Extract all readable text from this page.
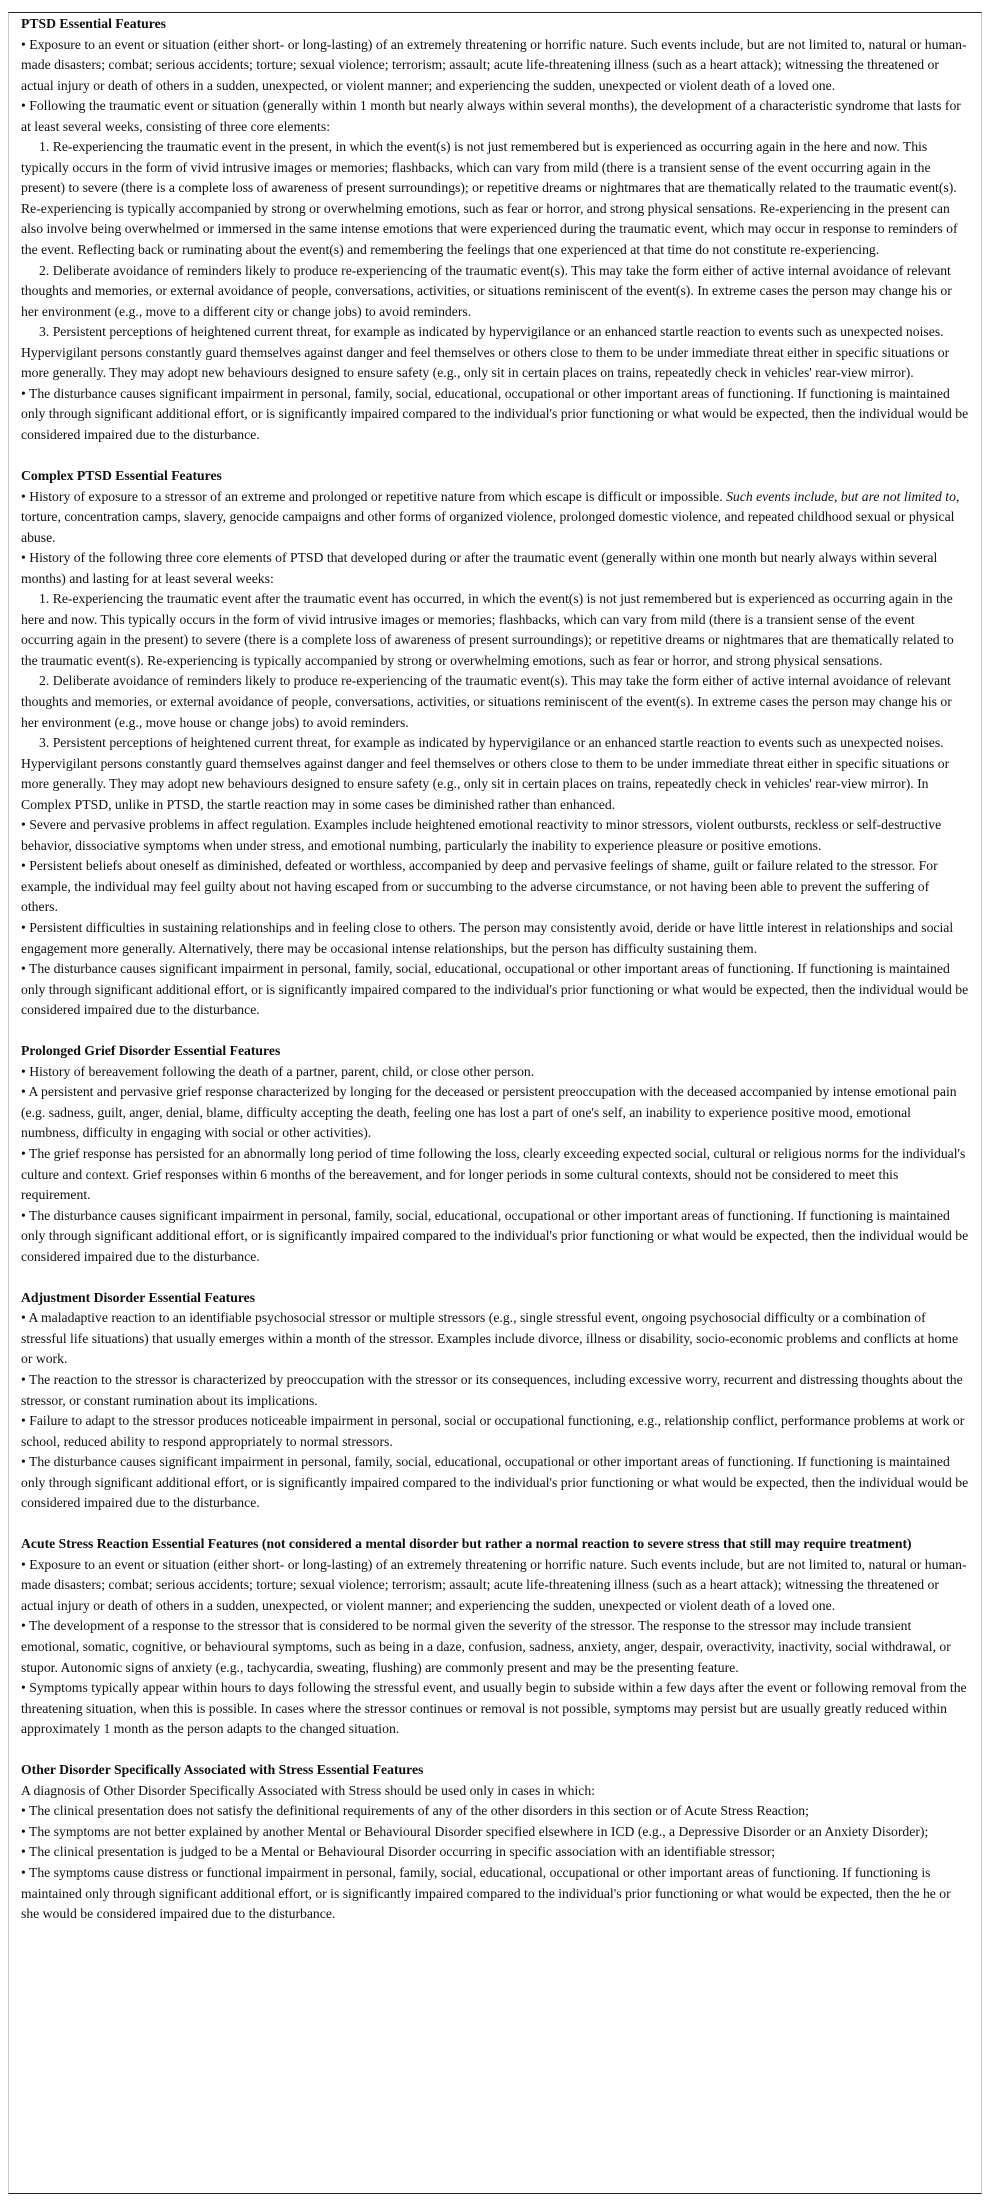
PTSD Essential Features

• Exposure to an event or situation (either short- or long-lasting) of an extremely threatening or horrific nature. Such events include, but are not limited to, natural or human-made disasters; combat; serious accidents; torture; sexual violence; terrorism; assault; acute life-threatening illness (such as a heart attack); witnessing the threatened or actual injury or death of others in a sudden, unexpected, or violent manner; and experiencing the sudden, unexpected or violent death of a loved one.

• Following the traumatic event or situation (generally within 1 month but nearly always within several months), the development of a characteristic syndrome that lasts for at least several weeks, consisting of three core elements:

1. Re-experiencing the traumatic event in the present, in which the event(s) is not just remembered but is experienced as occurring again in the here and now. This typically occurs in the form of vivid intrusive images or memories; flashbacks, which can vary from mild (there is a transient sense of the event occurring again in the present) to severe (there is a complete loss of awareness of present surroundings); or repetitive dreams or nightmares that are thematically related to the traumatic event(s). Re-experiencing is typically accompanied by strong or overwhelming emotions, such as fear or horror, and strong physical sensations. Re-experiencing in the present can also involve being overwhelmed or immersed in the same intense emotions that were experienced during the traumatic event, which may occur in response to reminders of the event. Reflecting back or ruminating about the event(s) and remembering the feelings that one experienced at that time do not constitute re-experiencing.

2. Deliberate avoidance of reminders likely to produce re-experiencing of the traumatic event(s). This may take the form either of active internal avoidance of relevant thoughts and memories, or external avoidance of people, conversations, activities, or situations reminiscent of the event(s). In extreme cases the person may change his or her environment (e.g., move to a different city or change jobs) to avoid reminders.

3. Persistent perceptions of heightened current threat, for example as indicated by hypervigilance or an enhanced startle reaction to events such as unexpected noises. Hypervigilant persons constantly guard themselves against danger and feel themselves or others close to them to be under immediate threat either in specific situations or more generally. They may adopt new behaviours designed to ensure safety (e.g., only sit in certain places on trains, repeatedly check in vehicles' rear-view mirror).

• The disturbance causes significant impairment in personal, family, social, educational, occupational or other important areas of functioning. If functioning is maintained only through significant additional effort, or is significantly impaired compared to the individual's prior functioning or what would be expected, then the individual would be considered impaired due to the disturbance.

Complex PTSD Essential Features

• History of exposure to a stressor of an extreme and prolonged or repetitive nature from which escape is difficult or impossible. Such events include, but are not limited to, torture, concentration camps, slavery, genocide campaigns and other forms of organized violence, prolonged domestic violence, and repeated childhood sexual or physical abuse.

• History of the following three core elements of PTSD that developed during or after the traumatic event (generally within one month but nearly always within several months) and lasting for at least several weeks:

1. Re-experiencing the traumatic event after the traumatic event has occurred, in which the event(s) is not just remembered but is experienced as occurring again in the here and now. This typically occurs in the form of vivid intrusive images or memories; flashbacks, which can vary from mild (there is a transient sense of the event occurring again in the present) to severe (there is a complete loss of awareness of present surroundings); or repetitive dreams or nightmares that are thematically related to the traumatic event(s). Re-experiencing is typically accompanied by strong or overwhelming emotions, such as fear or horror, and strong physical sensations.

2. Deliberate avoidance of reminders likely to produce re-experiencing of the traumatic event(s). This may take the form either of active internal avoidance of relevant thoughts and memories, or external avoidance of people, conversations, activities, or situations reminiscent of the event(s). In extreme cases the person may change his or her environment (e.g., move house or change jobs) to avoid reminders.

3. Persistent perceptions of heightened current threat, for example as indicated by hypervigilance or an enhanced startle reaction to events such as unexpected noises. Hypervigilant persons constantly guard themselves against danger and feel themselves or others close to them to be under immediate threat either in specific situations or more generally. They may adopt new behaviours designed to ensure safety (e.g., only sit in certain places on trains, repeatedly check in vehicles' rear-view mirror). In Complex PTSD, unlike in PTSD, the startle reaction may in some cases be diminished rather than enhanced.

• Severe and pervasive problems in affect regulation. Examples include heightened emotional reactivity to minor stressors, violent outbursts, reckless or self-destructive behavior, dissociative symptoms when under stress, and emotional numbing, particularly the inability to experience pleasure or positive emotions.

• Persistent beliefs about oneself as diminished, defeated or worthless, accompanied by deep and pervasive feelings of shame, guilt or failure related to the stressor. For example, the individual may feel guilty about not having escaped from or succumbing to the adverse circumstance, or not having been able to prevent the suffering of others.

• Persistent difficulties in sustaining relationships and in feeling close to others. The person may consistently avoid, deride or have little interest in relationships and social engagement more generally. Alternatively, there may be occasional intense relationships, but the person has difficulty sustaining them.

• The disturbance causes significant impairment in personal, family, social, educational, occupational or other important areas of functioning. If functioning is maintained only through significant additional effort, or is significantly impaired compared to the individual's prior functioning or what would be expected, then the individual would be considered impaired due to the disturbance.

Prolonged Grief Disorder Essential Features

• History of bereavement following the death of a partner, parent, child, or close other person.

• A persistent and pervasive grief response characterized by longing for the deceased or persistent preoccupation with the deceased accompanied by intense emotional pain (e.g. sadness, guilt, anger, denial, blame, difficulty accepting the death, feeling one has lost a part of one's self, an inability to experience positive mood, emotional numbness, difficulty in engaging with social or other activities).

• The grief response has persisted for an abnormally long period of time following the loss, clearly exceeding expected social, cultural or religious norms for the individual's culture and context. Grief responses within 6 months of the bereavement, and for longer periods in some cultural contexts, should not be considered to meet this requirement.

• The disturbance causes significant impairment in personal, family, social, educational, occupational or other important areas of functioning. If functioning is maintained only through significant additional effort, or is significantly impaired compared to the individual's prior functioning or what would be expected, then the individual would be considered impaired due to the disturbance.

Adjustment Disorder Essential Features

• A maladaptive reaction to an identifiable psychosocial stressor or multiple stressors (e.g., single stressful event, ongoing psychosocial difficulty or a combination of stressful life situations) that usually emerges within a month of the stressor. Examples include divorce, illness or disability, socio-economic problems and conflicts at home or work.

• The reaction to the stressor is characterized by preoccupation with the stressor or its consequences, including excessive worry, recurrent and distressing thoughts about the stressor, or constant rumination about its implications.

• Failure to adapt to the stressor produces noticeable impairment in personal, social or occupational functioning, e.g., relationship conflict, performance problems at work or school, reduced ability to respond appropriately to normal stressors.

• The disturbance causes significant impairment in personal, family, social, educational, occupational or other important areas of functioning. If functioning is maintained only through significant additional effort, or is significantly impaired compared to the individual's prior functioning or what would be expected, then the individual would be considered impaired due to the disturbance.

Acute Stress Reaction Essential Features (not considered a mental disorder but rather a normal reaction to severe stress that still may require treatment)

• Exposure to an event or situation (either short- or long-lasting) of an extremely threatening or horrific nature. Such events include, but are not limited to, natural or human-made disasters; combat; serious accidents; torture; sexual violence; terrorism; assault; acute life-threatening illness (such as a heart attack); witnessing the threatened or actual injury or death of others in a sudden, unexpected, or violent manner; and experiencing the sudden, unexpected or violent death of a loved one.

• The development of a response to the stressor that is considered to be normal given the severity of the stressor. The response to the stressor may include transient emotional, somatic, cognitive, or behavioural symptoms, such as being in a daze, confusion, sadness, anxiety, anger, despair, overactivity, inactivity, social withdrawal, or stupor. Autonomic signs of anxiety (e.g., tachycardia, sweating, flushing) are commonly present and may be the presenting feature.

• Symptoms typically appear within hours to days following the stressful event, and usually begin to subside within a few days after the event or following removal from the threatening situation, when this is possible. In cases where the stressor continues or removal is not possible, symptoms may persist but are usually greatly reduced within approximately 1 month as the person adapts to the changed situation.

Other Disorder Specifically Associated with Stress Essential Features

A diagnosis of Other Disorder Specifically Associated with Stress should be used only in cases in which:

• The clinical presentation does not satisfy the definitional requirements of any of the other disorders in this section or of Acute Stress Reaction;

• The symptoms are not better explained by another Mental or Behavioural Disorder specified elsewhere in ICD (e.g., a Depressive Disorder or an Anxiety Disorder);

• The clinical presentation is judged to be a Mental or Behavioural Disorder occurring in specific association with an identifiable stressor;

• The symptoms cause distress or functional impairment in personal, family, social, educational, occupational or other important areas of functioning. If functioning is maintained only through significant additional effort, or is significantly impaired compared to the individual's prior functioning or what would be expected, then the he or she would be considered impaired due to the disturbance.
